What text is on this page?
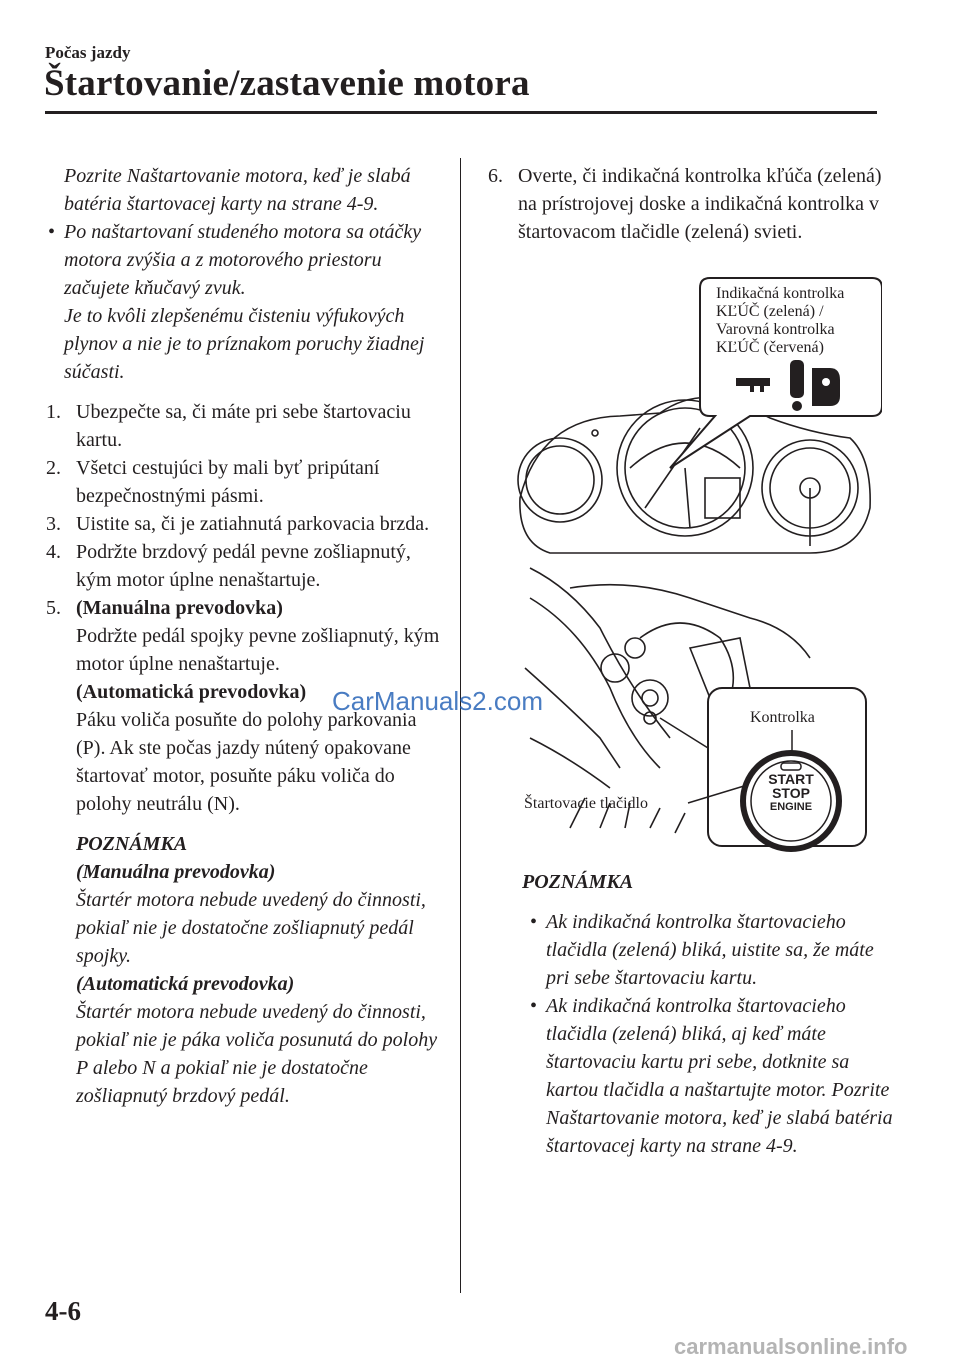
Počas jazdy
Štartovanie/zastavenie motora

Pozrite Naštartovanie motora, keď je slabá batéria štartovacej karty na strane 4-9.

• Po naštartovaní studeného motora sa otáčky motora zvýšia a z motorového priestoru začujete kňučavý zvuk.
Je to kvôli zlepšenému čisteniu výfukových plynov a nie je to príznakom poruchy žiadnej súčasti.
1. Ubezpečte sa, či máte pri sebe štartovaciu kartu.
2. Všetci cestujúci by mali byť pripútaní bezpečnostnými pásmi.
3. Uistite sa, či je zatiahnutá parkovacia brzda.
4. Podržte brzdový pedál pevne zošliapnutý, kým motor úplne nenaštartuje.
5. (Manuálna prevodovka)
Podržte pedál spojky pevne zošliapnutý, kým motor úplne nenaštartuje.
(Automatická prevodovka)
Páku voliča posuňte do polohy parkovania (P). Ak ste počas jazdy nútený opakovane štartovať motor, posuňte páku voliča do polohy neutrálu (N).
POZNÁMKA
(Manuálna prevodovka)
Štartér motora nebude uvedený do činnosti, pokiaľ nie je dostatočne zošliapnutý pedál spojky.
(Automatická prevodovka)
Štartér motora nebude uvedený do činnosti, pokiaľ nie je páka voliča posunutá do polohy P alebo N a pokiaľ nie je dostatočne zošliapnutý brzdový pedál.
6. Overte, či indikačná kontrolka kľúča (zelená) na prístrojovej doske a indikačná kontrolka v štartovacom tlačidle (zelená) svieti.
Indikačná kontrolka
KĽÚČ (zelená) /
Varovná kontrolka
KĽÚČ (červená)
Kontrolka
START
STOP
ENGINE
Štartovacie tlačidlo
POZNÁMKA
• Ak indikačná kontrolka štartovacieho tlačidla (zelená) bliká, uistite sa, že máte pri sebe štartovaciu kartu.
• Ak indikačná kontrolka štartovacieho tlačidla (zelená) bliká, aj keď máte štartovaciu kartu pri sebe, dotknite sa kartou tlačidla a naštartujte motor. Pozrite Naštartovanie motora, keď je slabá batéria štartovacej karty na strane 4-9.
CarManuals2.com
4-6
carmanualsonline.info
